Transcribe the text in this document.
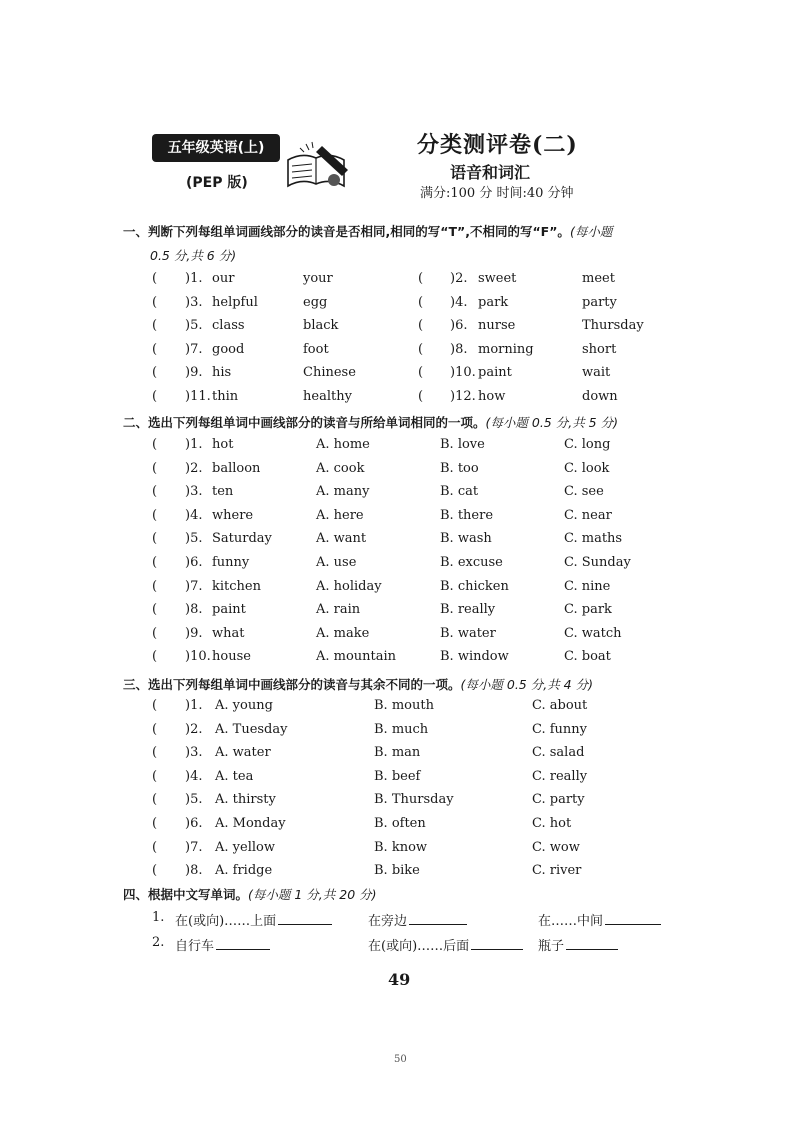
五年级英语(上)
(PEP 版)
分类测评卷(二)
语音和词汇
满分:100 分 时间:40 分钟
一、判断下列每组单词画线部分的读音是否相同,相同的写“T”,不相同的写“F”。(每小题
0.5 分,共 6 分)
( )1. our	your	( )2. sweet	meet
( )3. helpful	egg	( )4. park	party
( )5. class	black	( )6. nurse	Thursday
( )7. good	foot	( )8. morning	short
( )9. his	Chinese	( )10. paint	wait
( )11. thin	healthy	( )12. how	down
二、选出下列每组单词中画线部分的读音与所给单词相同的一项。(每小题 0.5 分,共 5 分)
( )1. hot	A. home	B. love	C. long
( )2. balloon	A. cook	B. too	C. look
( )3. ten	A. many	B. cat	C. see
( )4. where	A. here	B. there	C. near
( )5. Saturday	A. want	B. wash	C. maths
( )6. funny	A. use	B. excuse	C. Sunday
( )7. kitchen	A. holiday	B. chicken	C. nine
( )8. paint	A. rain	B. really	C. park
( )9. what	A. make	B. water	C. watch
( )10. house	A. mountain	B. window	C. boat
三、选出下列每组单词中画线部分的读音与其余不同的一项。(每小题 0.5 分,共 4 分)
( )1. A. young	B. mouth	C. about
( )2. A. Tuesday	B. much	C. funny
( )3. A. water	B. man	C. salad
( )4. A. tea	B. beef	C. really
( )5. A. thirsty	B. Thursday	C. party
( )6. A. Monday	B. often	C. hot
( )7. A. yellow	B. know	C. wow
( )8. A. fridge	B. bike	C. river
四、根据中文写单词。(每小题 1 分,共 20 分)
1. 在(或向)……上面	在旁边	在……中间
2. 自行车	在(或向)……后面	瓶子
49
50
